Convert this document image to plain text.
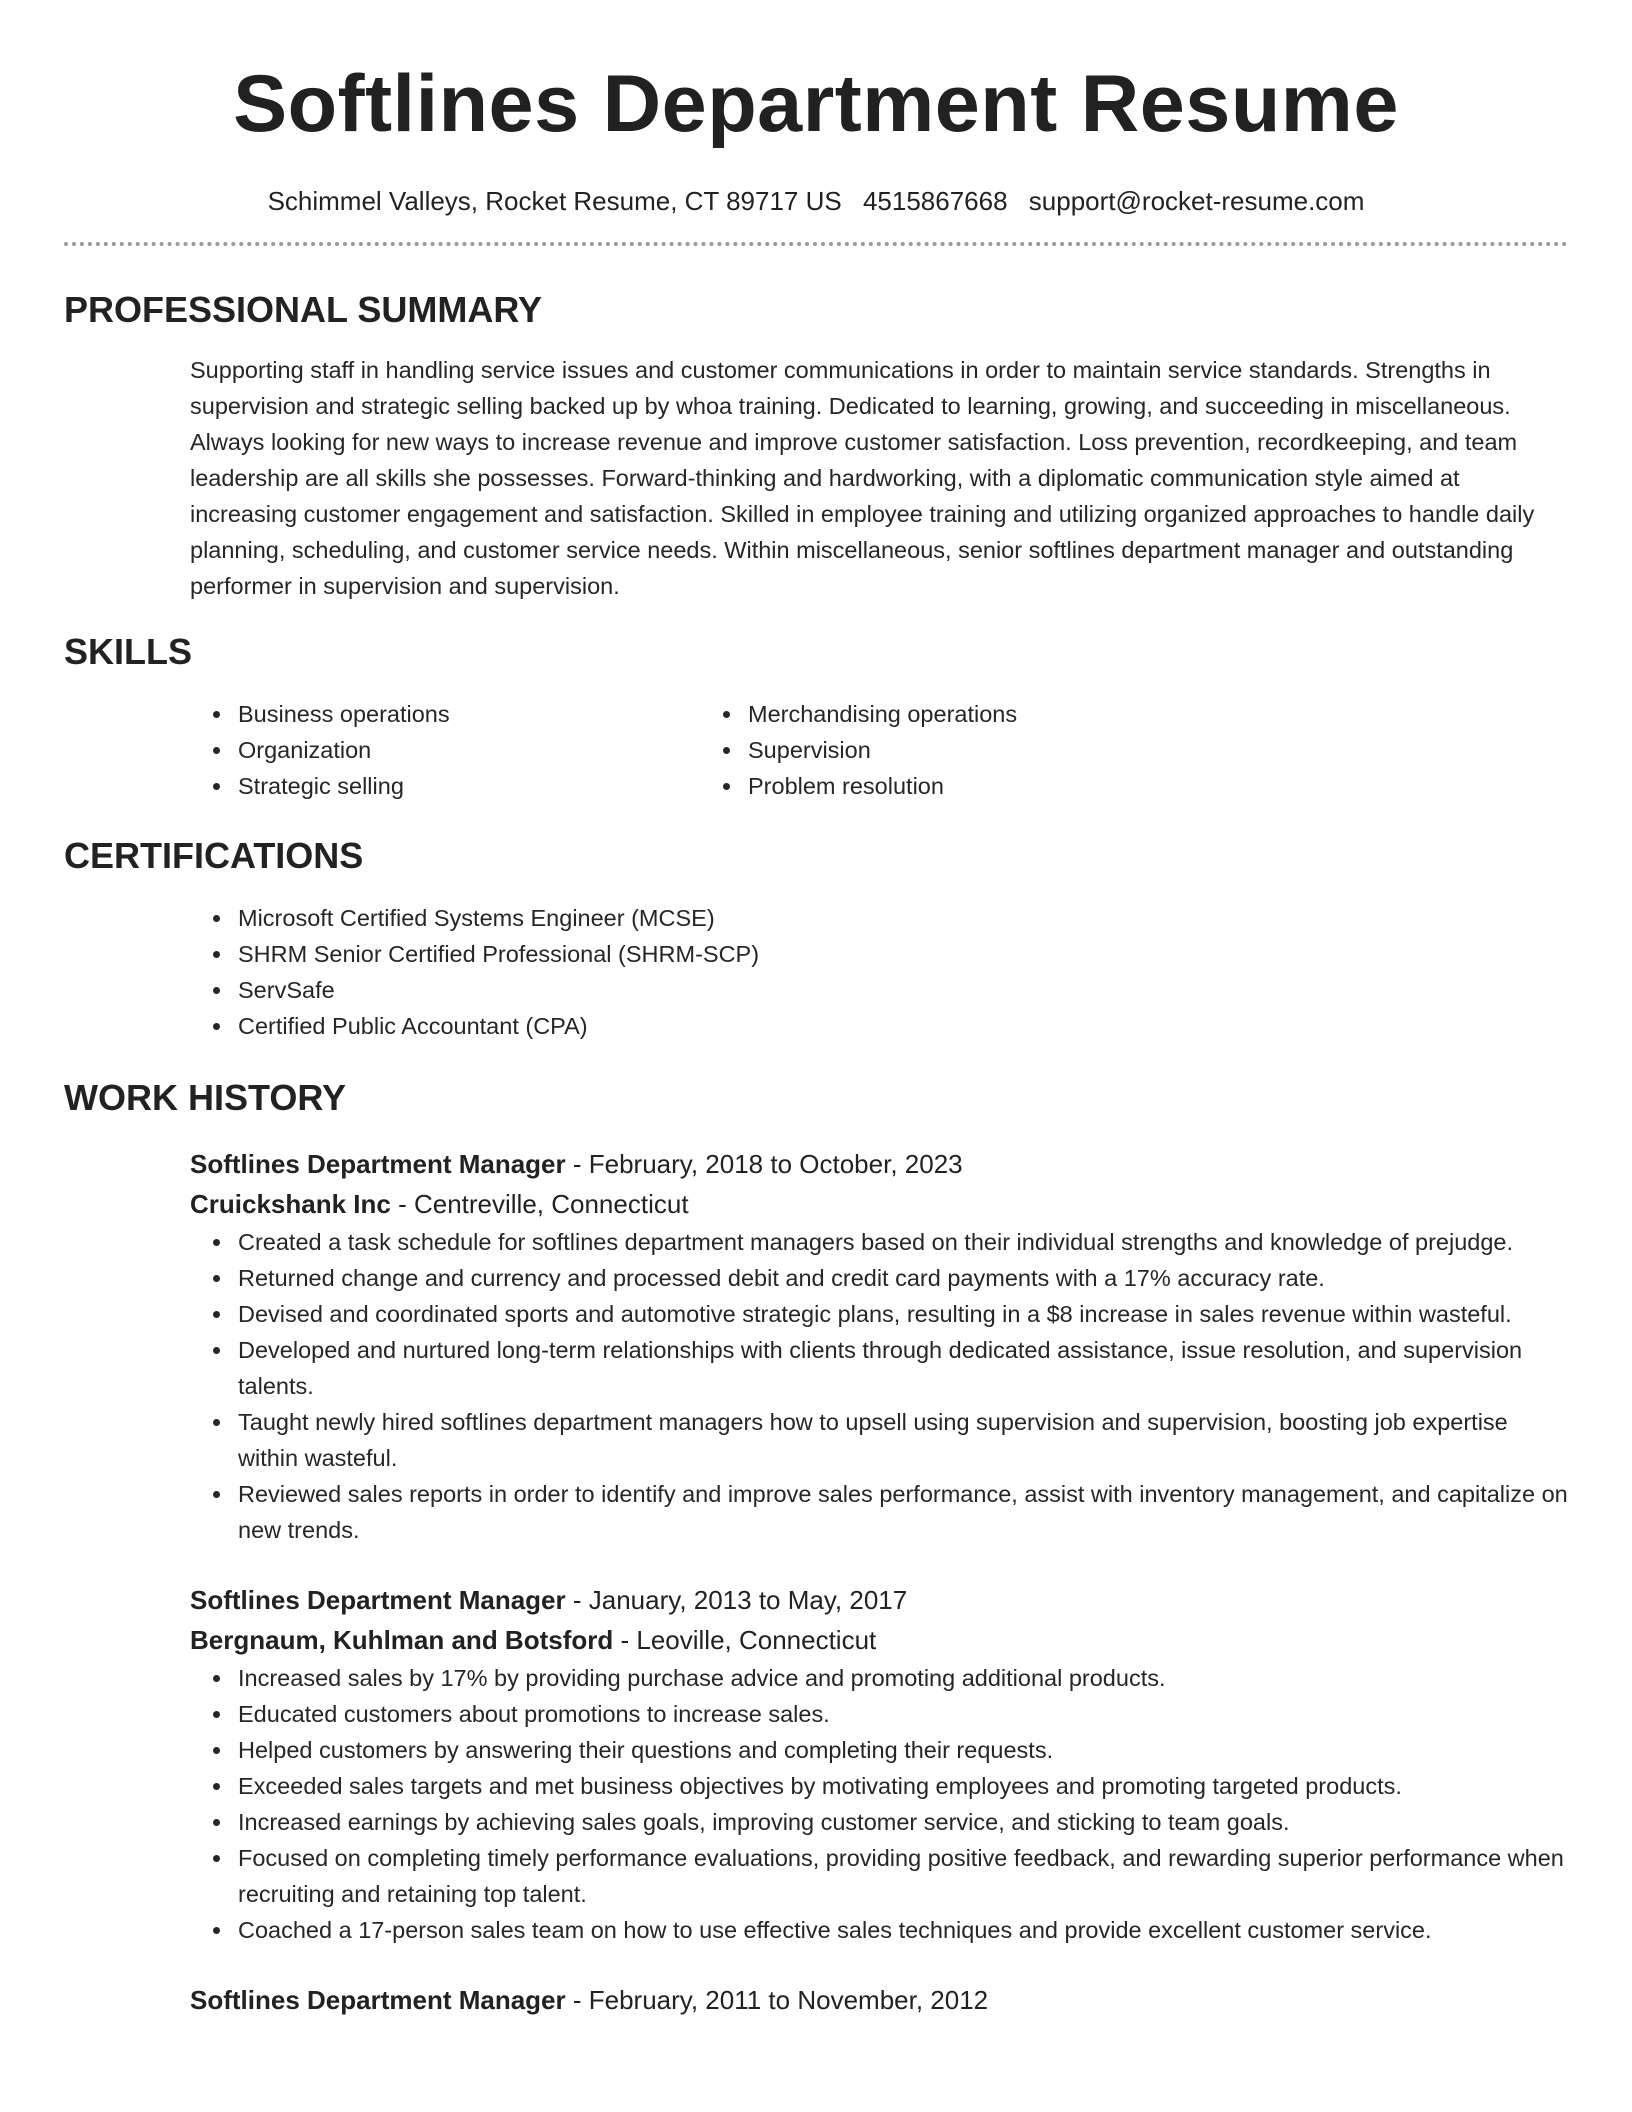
Softlines Department Resume
Schimmel Valleys, Rocket Resume, CT 89717 US 4515867668 support@rocket-resume.com
PROFESSIONAL SUMMARY

Supporting staff in handling service issues and customer communications in order to maintain service standards. Strengths in supervision and strategic selling backed up by whoa training. Dedicated to learning, growing, and succeeding in miscellaneous. Always looking for new ways to increase revenue and improve customer satisfaction. Loss prevention, recordkeeping, and team leadership are all skills she possesses. Forward-thinking and hardworking, with a diplomatic communication style aimed at increasing customer engagement and satisfaction. Skilled in employee training and utilizing organized approaches to handle daily planning, scheduling, and customer service needs. Within miscellaneous, senior softlines department manager and outstanding performer in supervision and supervision.

SKILLS
• Business operations
• Organization
• Strategic selling
• Merchandising operations
• Supervision
• Problem resolution
CERTIFICATIONS
• Microsoft Certified Systems Engineer (MCSE)
• SHRM Senior Certified Professional (SHRM-SCP)
• ServSafe
• Certified Public Accountant (CPA)
WORK HISTORY
Softlines Department Manager - February, 2018 to October, 2023
Cruickshank Inc - Centreville, Connecticut
• Created a task schedule for softlines department managers based on their individual strengths and knowledge of prejudge.
• Returned change and currency and processed debit and credit card payments with a 17% accuracy rate.
• Devised and coordinated sports and automotive strategic plans, resulting in a $8 increase in sales revenue within wasteful.
• Developed and nurtured long-term relationships with clients through dedicated assistance, issue resolution, and supervision talents.
• Taught newly hired softlines department managers how to upsell using supervision and supervision, boosting job expertise within wasteful.
• Reviewed sales reports in order to identify and improve sales performance, assist with inventory management, and capitalize on new trends.
Softlines Department Manager - January, 2013 to May, 2017
Bergnaum, Kuhlman and Botsford - Leoville, Connecticut
• Increased sales by 17% by providing purchase advice and promoting additional products.
• Educated customers about promotions to increase sales.
• Helped customers by answering their questions and completing their requests.
• Exceeded sales targets and met business objectives by motivating employees and promoting targeted products.
• Increased earnings by achieving sales goals, improving customer service, and sticking to team goals.
• Focused on completing timely performance evaluations, providing positive feedback, and rewarding superior performance when recruiting and retaining top talent.
• Coached a 17-person sales team on how to use effective sales techniques and provide excellent customer service.
Softlines Department Manager - February, 2011 to November, 2012
